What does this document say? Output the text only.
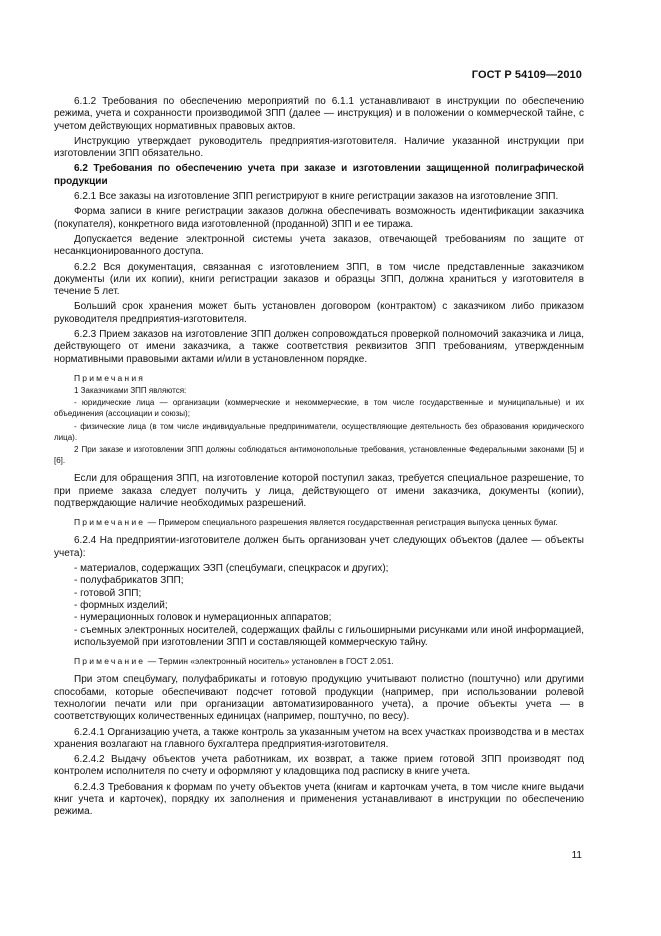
ГОСТ Р 54109—2010

6.1.2 Требования по обеспечению мероприятий по 6.1.1 устанавливают в инструкции по обеспечению режима, учета и сохранности производимой ЗПП (далее — инструкция) и в положении о коммерческой тайне, с учетом действующих нормативных правовых актов.

Инструкцию утверждает руководитель предприятия-изготовителя. Наличие указанной инструкции при изготовлении ЗПП обязательно.

6.2 Требования по обеспечению учета при заказе и изготовлении защищенной полиграфической продукции

6.2.1 Все заказы на изготовление ЗПП регистрируют в книге регистрации заказов на изготовление ЗПП.

Форма записи в книге регистрации заказов должна обеспечивать возможность идентификации заказчика (покупателя), конкретного вида изготовленной (проданной) ЗПП и ее тиража.

Допускается ведение электронной системы учета заказов, отвечающей требованиям по защите от несанкционированного доступа.

6.2.2 Вся документация, связанная с изготовлением ЗПП, в том числе представленные заказчиком документы (или их копии), книги регистрации заказов и образцы ЗПП, должна храниться у изготовителя в течение 5 лет.

Больший срок хранения может быть установлен договором (контрактом) с заказчиком либо приказом руководителя предприятия-изготовителя.

6.2.3 Прием заказов на изготовление ЗПП должен сопровождаться проверкой полномочий заказчика и лица, действующего от имени заказчика, а также соответствия реквизитов ЗПП требованиям, утвержденным нормативными правовыми актами и/или в установленном порядке.

Примечания

1 Заказчиками ЗПП являются:

- юридические лица — организации (коммерческие и некоммерческие, в том числе государственные и муниципальные) и их объединения (ассоциации и союзы);

- физические лица (в том числе индивидуальные предприниматели, осуществляющие деятельность без образования юридического лица).

2 При заказе и изготовлении ЗПП должны соблюдаться антимонопольные требования, установленные Федеральными законами [5] и [6].

Если для обращения ЗПП, на изготовление которой поступил заказ, требуется специальное разрешение, то при приеме заказа следует получить у лица, действующего от имени заказчика, документы (копии), подтверждающие наличие необходимых разрешений.

Примечание — Примером специального разрешения является государственная регистрация выпуска ценных бумаг.

6.2.4 На предприятии-изготовителе должен быть организован учет следующих объектов (далее — объекты учета):

- материалов, содержащих ЭЗП (спецбумаги, спецкрасок и других);

- полуфабрикатов ЗПП;

- готовой ЗПП;

- формных изделий;

- нумерационных головок и нумерационных аппаратов;

- съемных электронных носителей, содержащих файлы с гильоширными рисунками или иной информацией, используемой при изготовлении ЗПП и составляющей коммерческую тайну.

Примечание — Термин «электронный носитель» установлен в ГОСТ 2.051.

При этом спецбумагу, полуфабрикаты и готовую продукцию учитывают полистно (поштучно) или другими способами, которые обеспечивают подсчет готовой продукции (например, при использовании ролевой технологии печати или при организации автоматизированного учета), а прочие объекты учета — в соответствующих количественных единицах (например, поштучно, по весу).

6.2.4.1 Организацию учета, а также контроль за указанным учетом на всех участках производства и в местах хранения возлагают на главного бухгалтера предприятия-изготовителя.

6.2.4.2 Выдачу объектов учета работникам, их возврат, а также прием готовой ЗПП производят под контролем исполнителя по счету и оформляют у кладовщика под расписку в книге учета.

6.2.4.3 Требования к формам по учету объектов учета (книгам и карточкам учета, в том числе книге выдачи книг учета и карточек), порядку их заполнения и применения устанавливают в инструкции по обеспечению режима.

11
